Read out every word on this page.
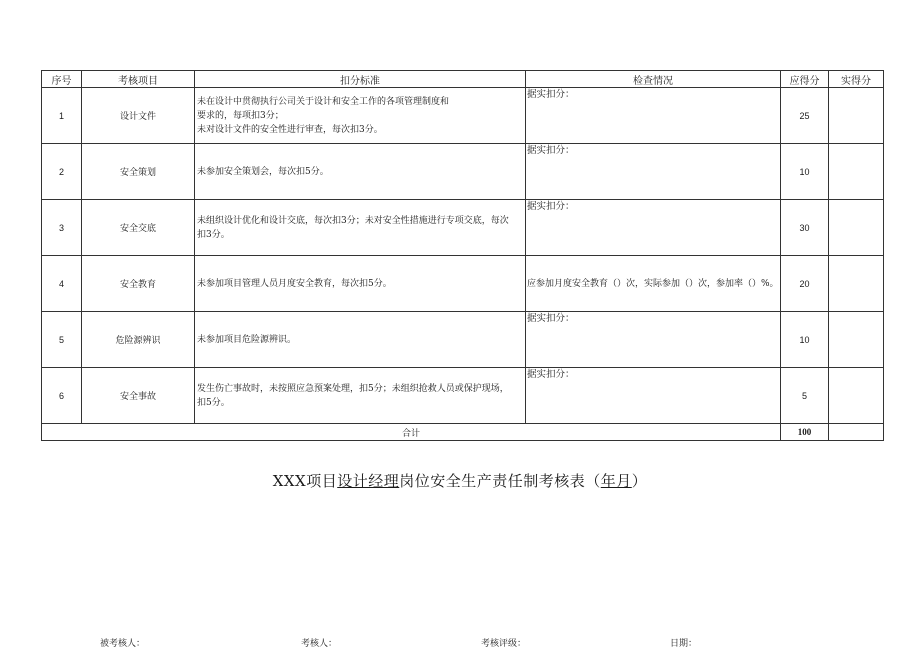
序号	考核项目	扣分标准	检查情况	应得分	实得分
1	设计文件	未在设计中贯彻执行公司关于设计和安全工作的各项管理制度和
要求的，每项扣3分；
未对设计文件的安全性进行审查，每次扣3分。	据实扣分：	25	
2	安全策划	未参加安全策划会，每次扣5分。	据实扣分：	10	
3	安全交底	未组织设计优化和设计交底，每次扣3分；未对安全性措施进行专项交底，每次扣3分。	据实扣分：	30	
4	安全教育	未参加项目管理人员月度安全教育，每次扣5分。	应参加月度安全教育（）次，实际参加（）次，参加率（）%。	20	
5	危险源辨识	未参加项目危险源辨识。	据实扣分：	10	
6	安全事故	发生伤亡事故时，未按照应急预案处理，扣5分；未组织抢救人员或保护现场，扣5分。	据实扣分：	5	
合计				100	
XXX项目设计经理岗位安全生产责任制考核表（年月）
被考核人：	考核人：	考核评级：	日期：
